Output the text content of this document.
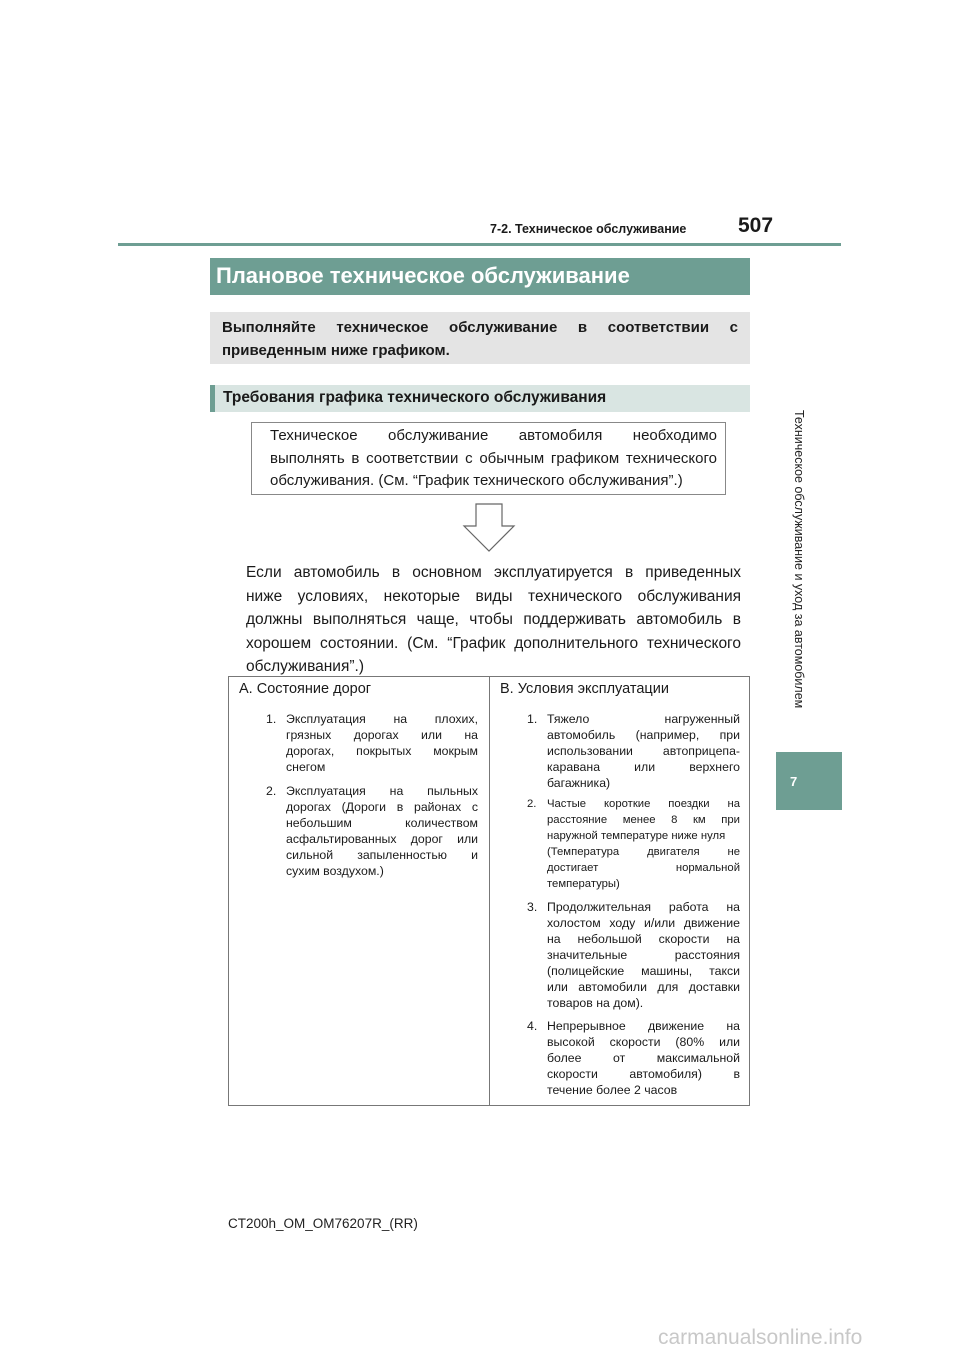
7-2. Техническое обслуживание 507
Техническое обслуживание и уход за автомобилем
7
Плановое техническое обслуживание

Выполняйте техническое обслуживание в соответствии с
приведенным ниже графиком.

Требования графика технического обслуживания

Техническое обслуживание автомобиля необходимо
выполнять в соответствии с обычным графиком технического
обслуживания. (См. “График технического обслуживания”.)

Если автомобиль в основном эксплуатируется в приведенных
ниже условиях, некоторые виды технического обслуживания
должны выполняться чаще, чтобы поддерживать автомобиль в
хорошем состоянии. (См. “График дополнительного технического
обслуживания”.)

A. Состояние дорог
1. Эксплуатация на плохих,
грязных дорогах или на
дорогах, покрытых мокрым
снегом
2. Эксплуатация на пыльных
дорогах (Дороги в районах с
небольшим количеством
асфальтированных дорог или
сильной запыленностью и
сухим воздухом.)
B. Условия эксплуатации
1. Тяжело нагруженный
автомобиль (например, при
использовании автоприцепа-
каравана или верхнего
багажника)
2. Частые короткие поездки на
расстояние менее 8 км при
наружной температуре ниже нуля
(Температура двигателя не
достигает нормальной
температуры)
3. Продолжительная работа на
холостом ходу и/или движение
на небольшой скорости на
значительные расстояния
(полицейские машины, такси
или автомобили для доставки
товаров на дом).
4. Непрерывное движение на
высокой скорости (80% или
более от максимальной
скорости автомобиля) в
течение более 2 часов
CT200h_OM_OM76207R_(RR)
carmanualsonline.info
